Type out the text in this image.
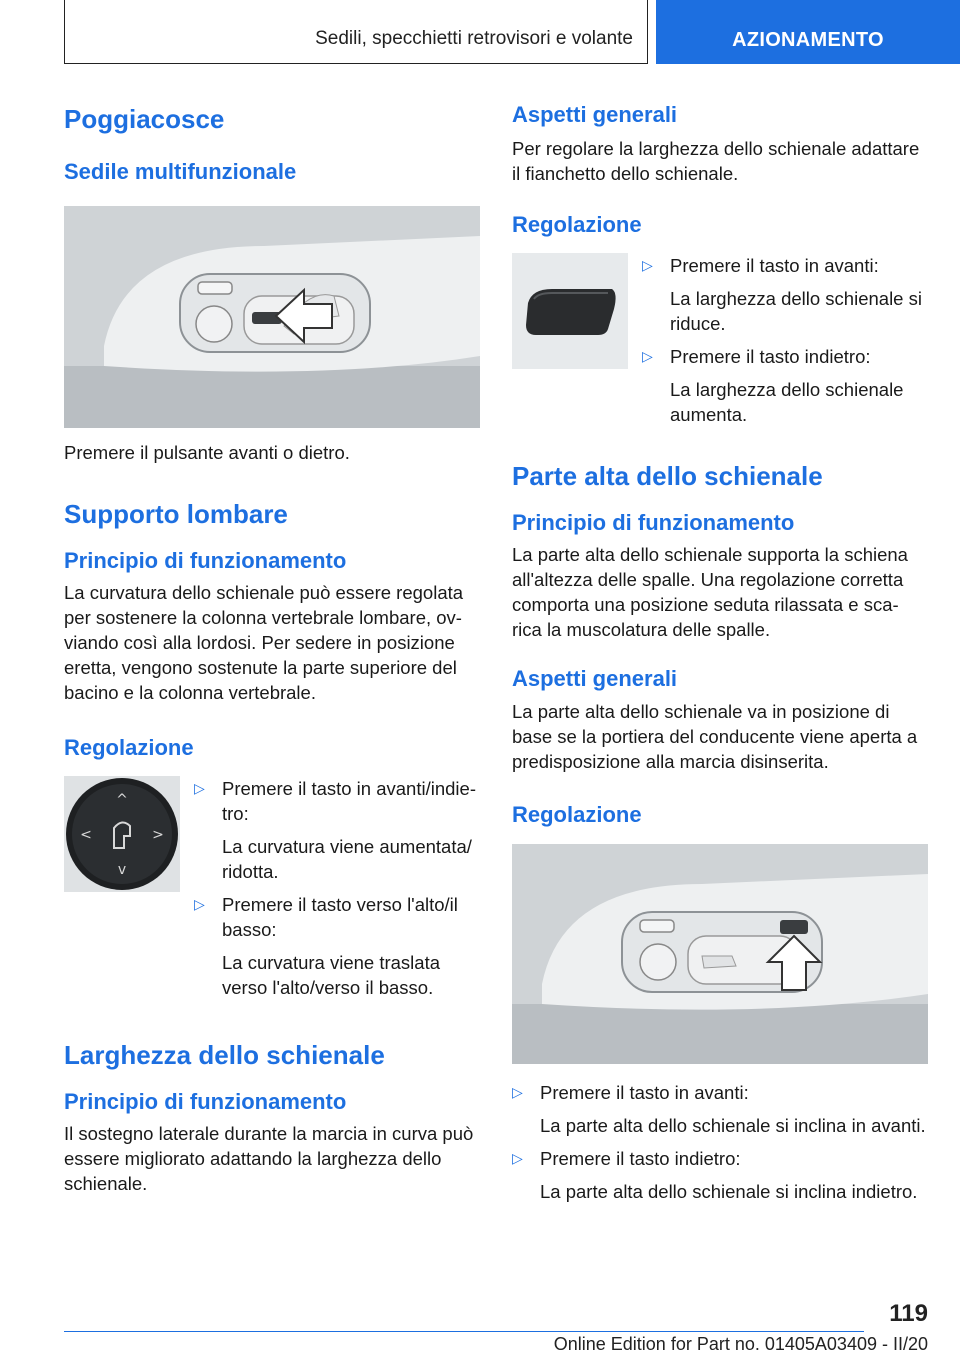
Sedili, specchietti retrovisori e volante	AZIONAMENTO
Poggiacosce
Sedile multifunzionale

Premere il pulsante avanti o dietro.

Supporto lombare
Principio di funzionamento

La curvatura dello schienale può essere regolata per sostenere la colonna vertebrale lombare, ov-viando così alla lordosi. Per sedere in posizione eretta, vengono sostenute la parte superiore del bacino e la colonna vertebrale.

Regolazione
^
v
<	>
▷ Premere il tasto in avanti/indie-tro:

La curvatura viene aumentata/ ridotta.

▷ Premere il tasto verso l'alto/il basso:

La curvatura viene traslata verso l'alto/verso il basso.

Larghezza dello schienale
Principio di funzionamento

Il sostegno laterale durante la marcia in curva può essere migliorato adattando la larghezza dello schienale.

Aspetti generali

Per regolare la larghezza dello schienale adattare il fianchetto dello schienale.

Regolazione
▷ Premere il tasto in avanti:

La larghezza dello schienale si riduce.

▷ Premere il tasto indietro:

La larghezza dello schienale aumenta.

Parte alta dello schienale
Principio di funzionamento

La parte alta dello schienale supporta la schiena all'altezza delle spalle. Una regolazione corretta comporta una posizione seduta rilassata e sca-rica la muscolatura delle spalle.

Aspetti generali

La parte alta dello schienale va in posizione di base se la portiera del conducente viene aperta a predisposizione alla marcia disinserita.

Regolazione
▷ Premere il tasto in avanti:

La parte alta dello schienale si inclina in avanti.

▷ Premere il tasto indietro:

La parte alta dello schienale si inclina indietro.

119
Online Edition for Part no. 01405A03409 - II/20
